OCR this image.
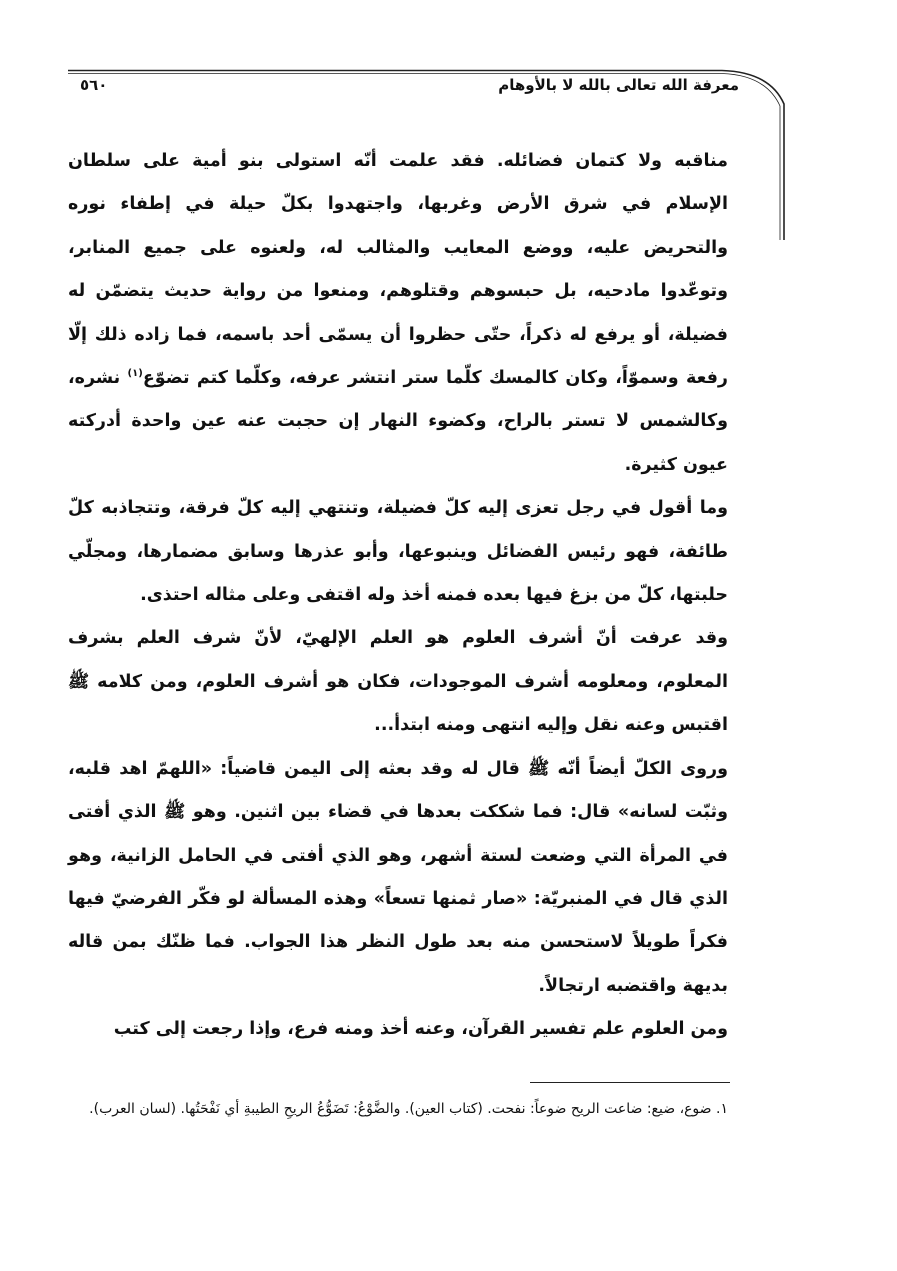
معرفة الله تعالى بالله لا بالأوهام
٥٦٠

مناقبه ولا كتمان فضائله. فقد علمت أنّه استولى بنو أمية على سلطان الإسلام في شرق الأرض وغربها، واجتهدوا بكلّ حيلة في إطفاء نوره والتحريض عليه، ووضع المعايب والمثالب له، ولعنوه على جميع المنابر، وتوعّدوا مادحيه، بل حبسوهم وقتلوهم، ومنعوا من رواية حديث يتضمّن له فضيلة، أو يرفع له ذكراً، حتّى حظروا أن يسمّى أحد باسمه، فما زاده ذلك إلّا رفعة وسموّاً، وكان كالمسك كلّما ستر انتشر عرفه، وكلّما كتم تضوّع$^{(١)}$ نشره، وكالشمس لا تستر بالراح، وكضوء النهار إن حجبت عنه عين واحدة أدركته عيون كثيرة.

وما أقول في رجل تعزى إليه كلّ فضيلة، وتنتهي إليه كلّ فرقة، وتتجاذبه كلّ طائفة، فهو رئيس الفضائل وينبوعها، وأبو عذرها وسابق مضمارها، ومجلّي حلبتها، كلّ من بزغ فيها بعده فمنه أخذ وله اقتفى وعلى مثاله احتذى.

وقد عرفت أنّ أشرف العلوم هو العلم الإلهيّ، لأنّ شرف العلم بشرف المعلوم، ومعلومه أشرف الموجودات، فكان هو أشرف العلوم، ومن كلامه ﷺ اقتبس وعنه نقل وإليه انتهى ومنه ابتدأ...

وروى الكلّ أيضاً أنّه ﷺ قال له وقد بعثه إلى اليمن قاضياً: «اللهمّ اهد قلبه، وثبّت لسانه» قال: فما شككت بعدها في قضاء بين اثنين. وهو ﷺ الذي أفتى في المرأة التي وضعت لستة أشهر، وهو الذي أفتى في الحامل الزانية، وهو الذي قال في المنبريّة: «صار ثمنها تسعاً» وهذه المسألة لو فكّر الفرضيّ فيها فكراً طويلاً لاستحسن منه بعد طول النظر هذا الجواب. فما ظنّك بمن قاله بديهة واقتضبه ارتجالاً.

ومن العلوم علم تفسير القرآن، وعنه أخذ ومنه فرع، وإذا رجعت إلى كتب

١. ضوع، ضيع: ضاعت الريح ضوعاً: نفحت. (كتاب العين). والضَّوْعُ: تَضَوُّعُ الريحِ الطيبةِ أي نَفْحَتُها. (لسان العرب).
